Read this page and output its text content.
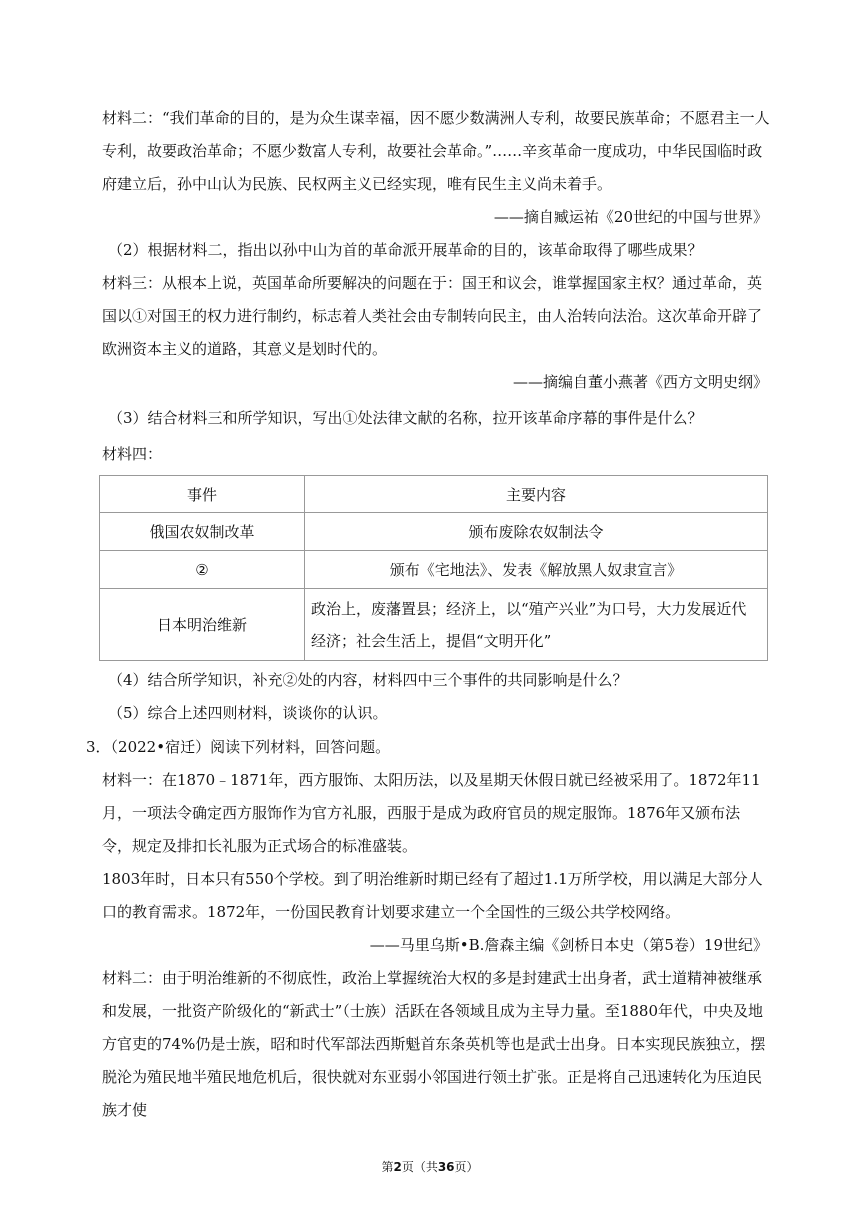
材料二：“我们革命的目的，是为众生谋幸福，因不愿少数满洲人专利，故要民族革命；不愿君主一人专利，故要政治革命；不愿少数富人专利，故要社会革命。”……辛亥革命一度成功，中华民国临时政府建立后，孙中山认为民族、民权两主义已经实现，唯有民生主义尚未着手。

——摘自臧运祐《20世纪的中国与世界》
（2）根据材料二，指出以孙中山为首的革命派开展革命的目的，该革命取得了哪些成果？

材料三：从根本上说，英国革命所要解决的问题在于：国王和议会，谁掌握国家主权？通过革命，英国以①对国王的权力进行制约，标志着人类社会由专制转向民主，由人治转向法治。这次革命开辟了欧洲资本主义的道路，其意义是划时代的。

——摘编自董小燕著《西方文明史纲》
（3）结合材料三和所学知识，写出①处法律文献的名称，拉开该革命序幕的事件是什么？
材料四：
事件	主要内容
俄国农奴制改革	颁布废除农奴制法令
②	颁布《宅地法》、发表《解放黑人奴隶宣言》
日本明治维新	政治上，废藩置县；经济上，以“殖产兴业”为口号，大力发展近代经济；社会生活上，提倡“文明开化”
（4）结合所学知识，补充②处的内容，材料四中三个事件的共同影响是什么？
（5）综合上述四则材料，谈谈你的认识。
3．（2022•宿迁）阅读下列材料，回答问题。

材料一：在1870﹣1871年，西方服饰、太阳历法，以及星期天休假日就已经被采用了。1872年11月，一项法令确定西方服饰作为官方礼服，西服于是成为政府官员的规定服饰。1876年又颁布法令，规定及排扣长礼服为正式场合的标准盛装。

1803年时，日本只有550个学校。到了明治维新时期已经有了超过1.1万所学校，用以满足大部分人口的教育需求。1872年，一份国民教育计划要求建立一个全国性的三级公共学校网络。

——马里乌斯•B.詹森主编《剑桥日本史（第5卷）19世纪》

材料二：由于明治维新的不彻底性，政治上掌握统治大权的多是封建武士出身者，武士道精神被继承和发展，一批资产阶级化的“新武士”（士族）活跃在各领域且成为主导力量。至1880年代，中央及地方官吏的74%仍是士族，昭和时代军部法西斯魁首东条英机等也是武士出身。日本实现民族独立，摆脱沦为殖民地半殖民地危机后，很快就对东亚弱小邻国进行领土扩张。正是将自己迅速转化为压迫民族才使

第2页（共36页）
